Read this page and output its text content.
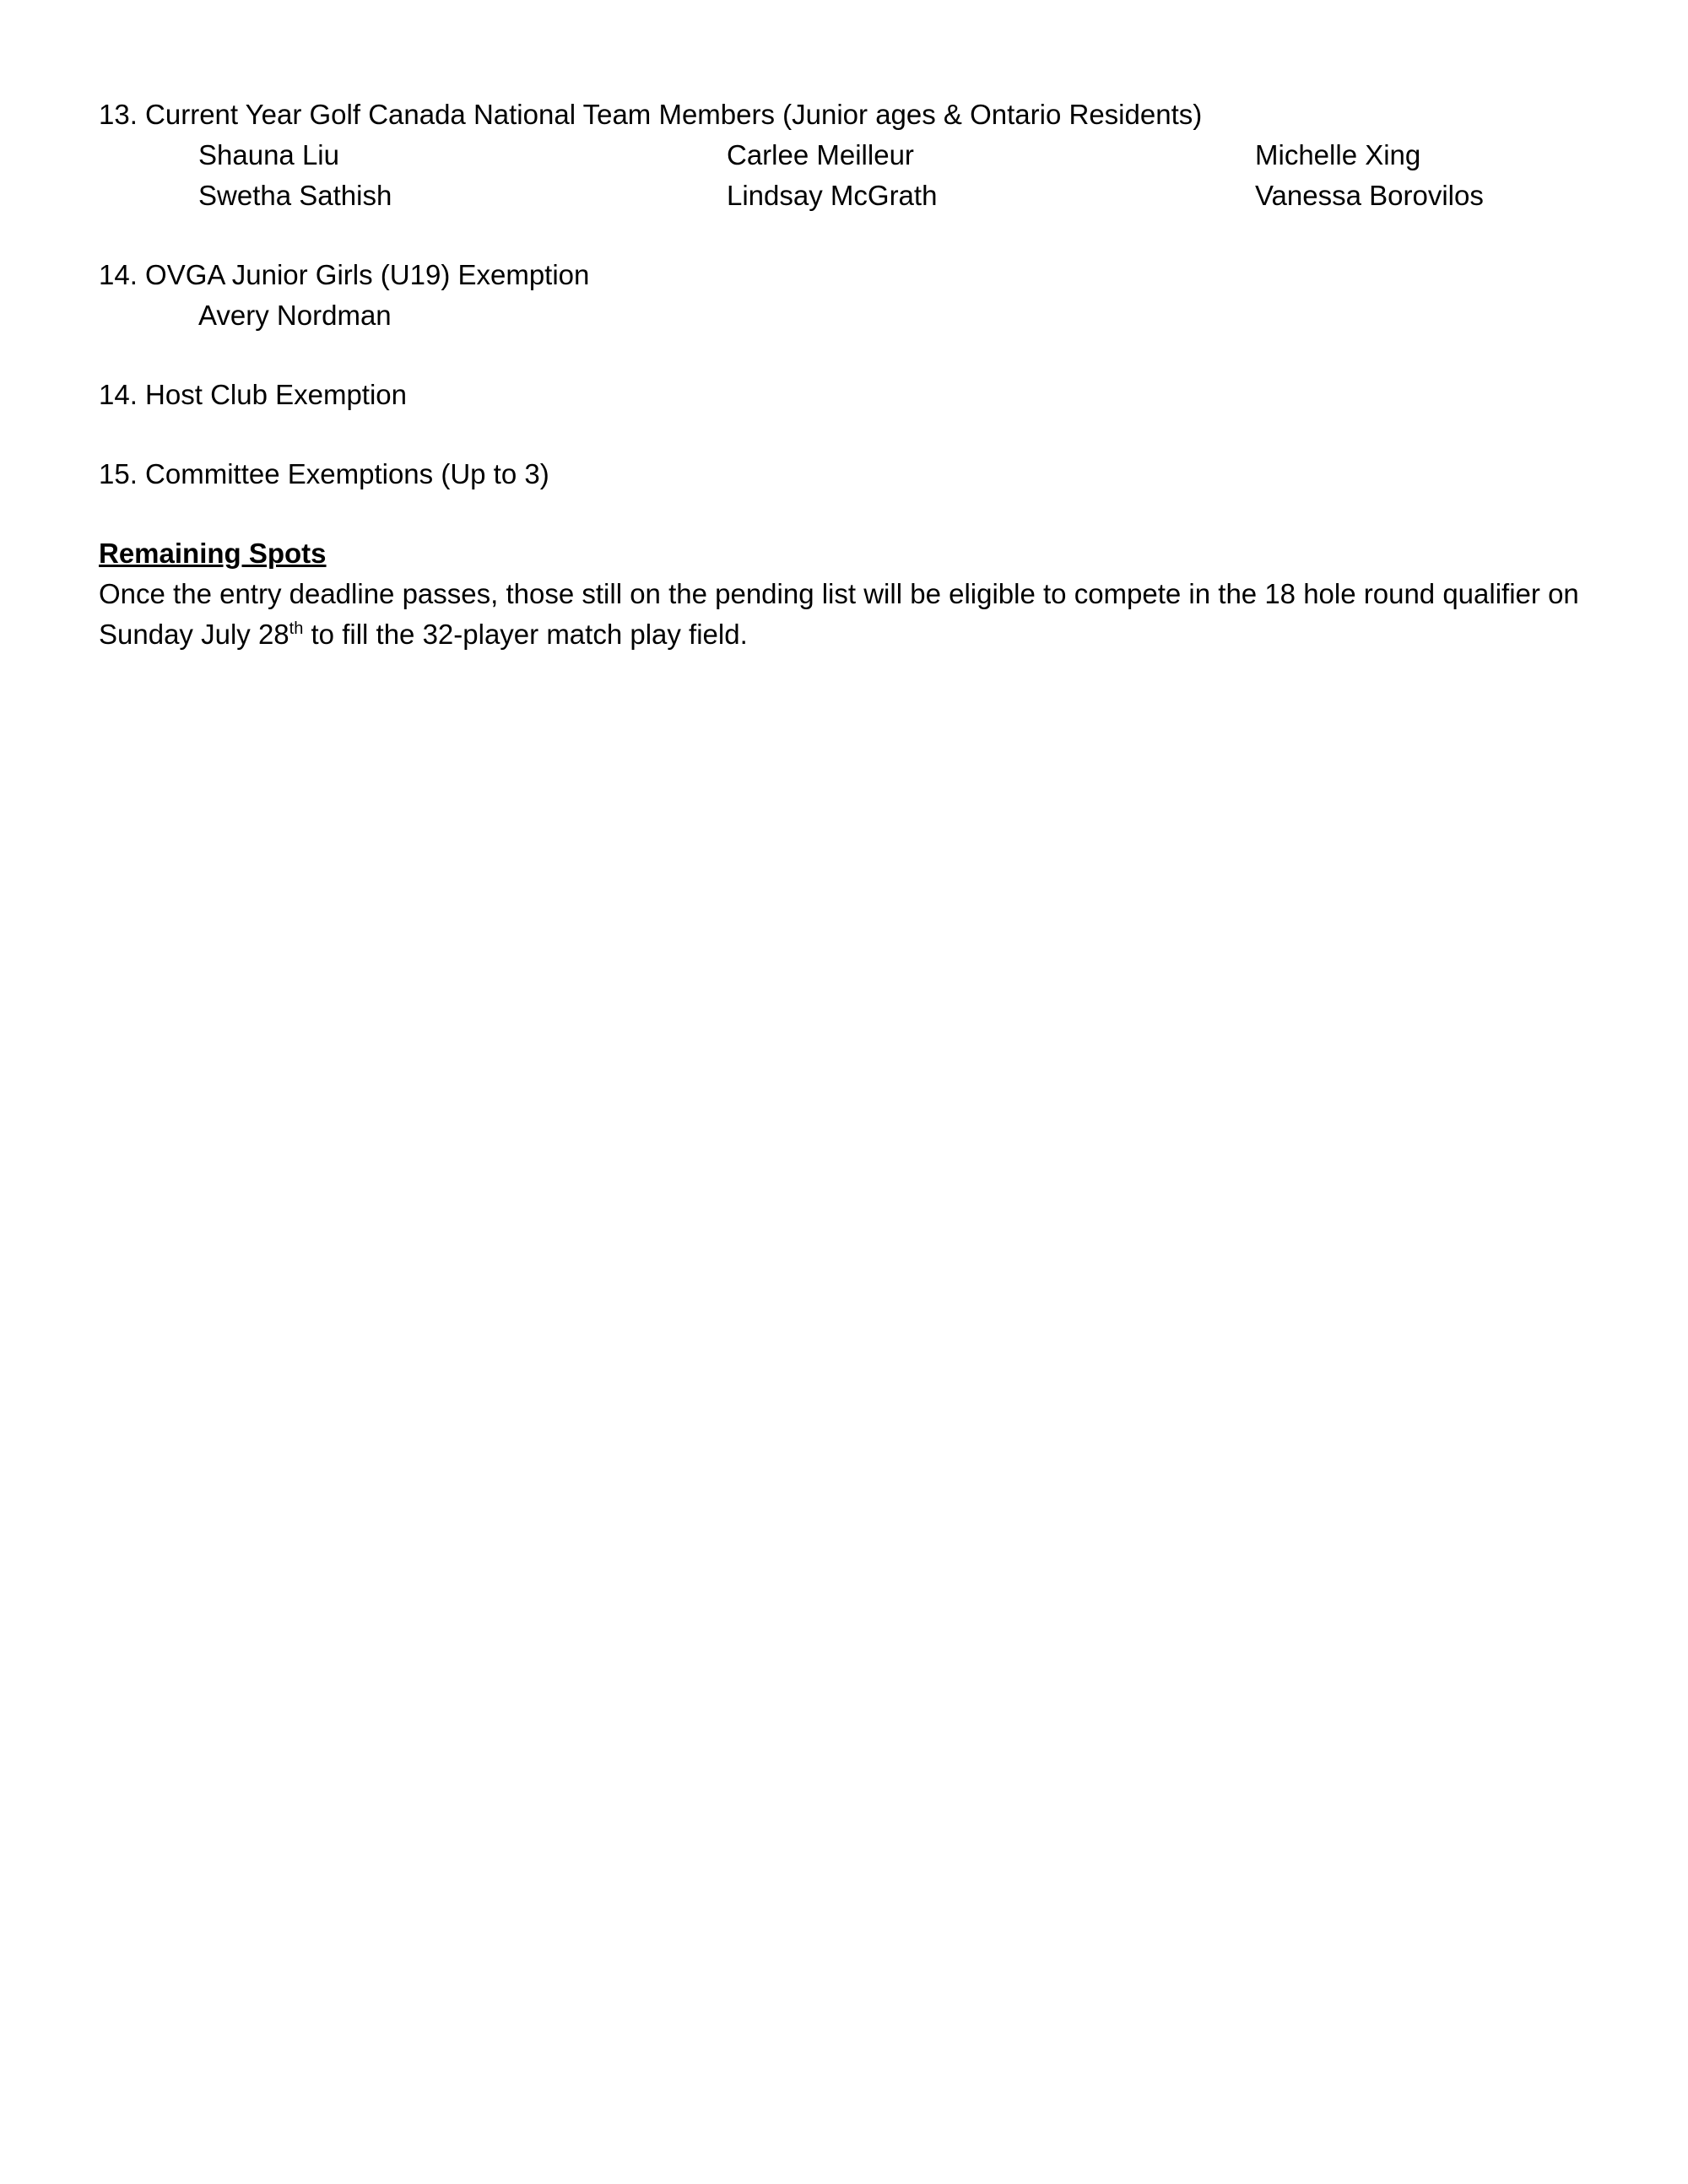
13. Current Year Golf Canada National Team Members (Junior ages & Ontario Residents)

Shauna Liu	Carlee Meilleur	Michelle Xing
Swetha Sathish	Lindsay McGrath	Vanessa Borovilos

14. OVGA Junior Girls (U19) Exemption

Avery Nordman

14. Host Club Exemption

15. Committee Exemptions (Up to 3)

Remaining Spots

Once the entry deadline passes, those still on the pending list will be eligible to compete in the 18 hole round qualifier on Sunday July 28th to fill the 32-player match play field.
